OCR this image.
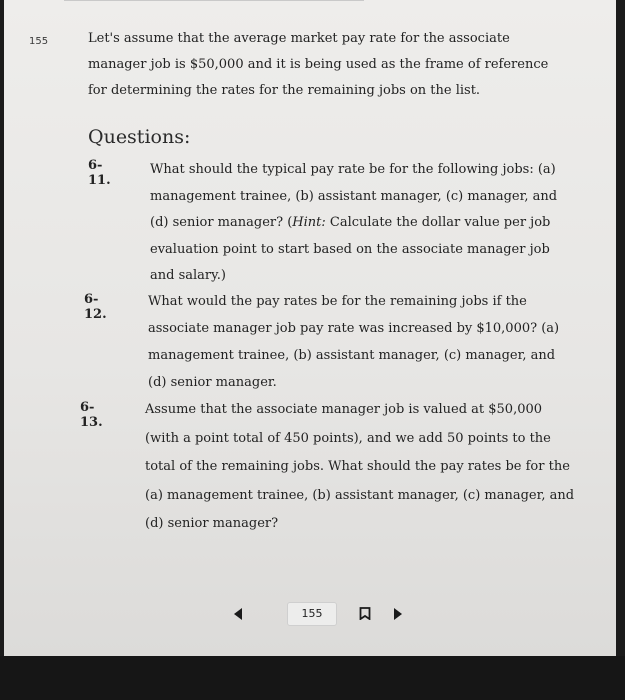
155	Let's assume that the average market pay rate for the associate manager job is $50,000 and it is being used as the frame of reference for determining the rates for the remaining jobs on the list.
Questions:
6-11.
What should the typical pay rate be for the following jobs: (a) management trainee, (b) assistant manager, (c) manager, and (d) senior manager? (Hint: Calculate the dollar value per job evaluation point to start based on the associate manager job and salary.)
6-12.
What would the pay rates be for the remaining jobs if the associate manager job pay rate was increased by $10,000? (a) management trainee, (b) assistant manager, (c) manager, and (d) senior manager.
6-13.
Assume that the associate manager job is valued at $50,000 (with a point total of 450 points), and we add 50 points to the total of the remaining jobs. What should the pay rates be for the (a) management trainee, (b) assistant manager, (c) manager, and (d) senior manager?
155
